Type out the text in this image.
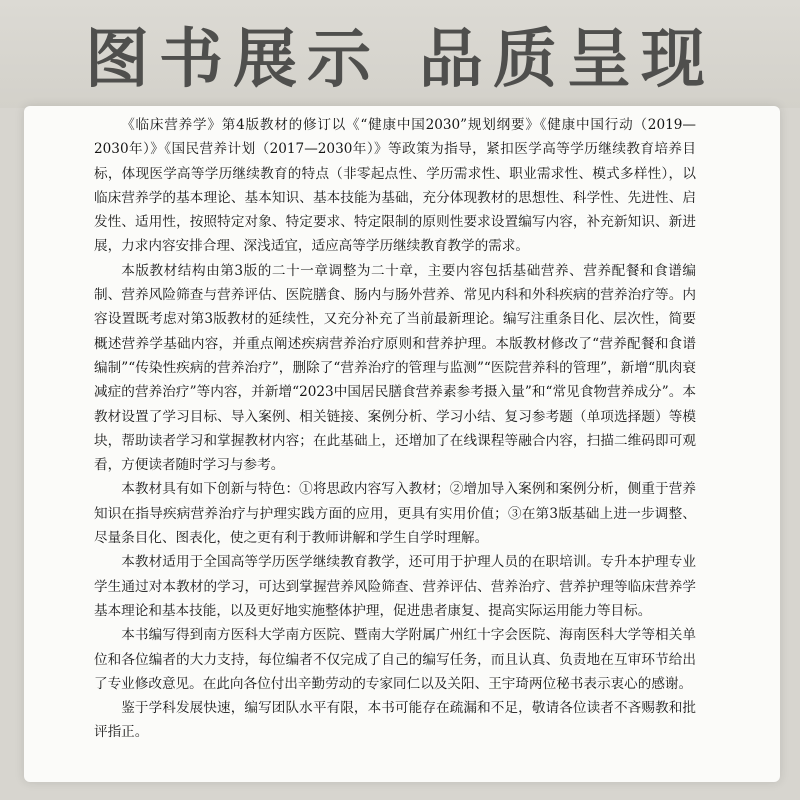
图书展示 品质呈现

《临床营养学》第4版教材的修订以《“健康中国2030”规划纲要》《健康中国行动（2019—2030年）》《国民营养计划（2017—2030年）》等政策为指导，紧扣医学高等学历继续教育培养目标，体现医学高等学历继续教育的特点（非零起点性、学历需求性、职业需求性、模式多样性），以临床营养学的基本理论、基本知识、基本技能为基础，充分体现教材的思想性、科学性、先进性、启发性、适用性，按照特定对象、特定要求、特定限制的原则性要求设置编写内容，补充新知识、新进展，力求内容安排合理、深浅适宜，适应高等学历继续教育教学的需求。

本版教材结构由第3版的二十一章调整为二十章，主要内容包括基础营养、营养配餐和食谱编制、营养风险筛查与营养评估、医院膳食、肠内与肠外营养、常见内科和外科疾病的营养治疗等。内容设置既考虑对第3版教材的延续性，又充分补充了当前最新理论。编写注重条目化、层次性，简要概述营养学基础内容，并重点阐述疾病营养治疗原则和营养护理。本版教材修改了“营养配餐和食谱编制”“传染性疾病的营养治疗”，删除了“营养治疗的管理与监测”“医院营养科的管理”，新增“肌肉衰减症的营养治疗”等内容，并新增“2023中国居民膳食营养素参考摄入量”和“常见食物营养成分”。本教材设置了学习目标、导入案例、相关链接、案例分析、学习小结、复习参考题（单项选择题）等模块，帮助读者学习和掌握教材内容；在此基础上，还增加了在线课程等融合内容，扫描二维码即可观看，方便读者随时学习与参考。

本教材具有如下创新与特色：①将思政内容写入教材；②增加导入案例和案例分析，侧重于营养知识在指导疾病营养治疗与护理实践方面的应用，更具有实用价值；③在第3版基础上进一步调整、尽量条目化、图表化，使之更有利于教师讲解和学生自学时理解。

本教材适用于全国高等学历医学继续教育教学，还可用于护理人员的在职培训。专升本护理专业学生通过对本教材的学习，可达到掌握营养风险筛查、营养评估、营养治疗、营养护理等临床营养学基本理论和基本技能，以及更好地实施整体护理，促进患者康复、提高实际运用能力等目标。

本书编写得到南方医科大学南方医院、暨南大学附属广州红十字会医院、海南医科大学等相关单位和各位编者的大力支持，每位编者不仅完成了自己的编写任务，而且认真、负责地在互审环节给出了专业修改意见。在此向各位付出辛勤劳动的专家同仁以及关阳、王宇琦两位秘书表示衷心的感谢。

鉴于学科发展快速，编写团队水平有限，本书可能存在疏漏和不足，敬请各位读者不吝赐教和批评指正。
